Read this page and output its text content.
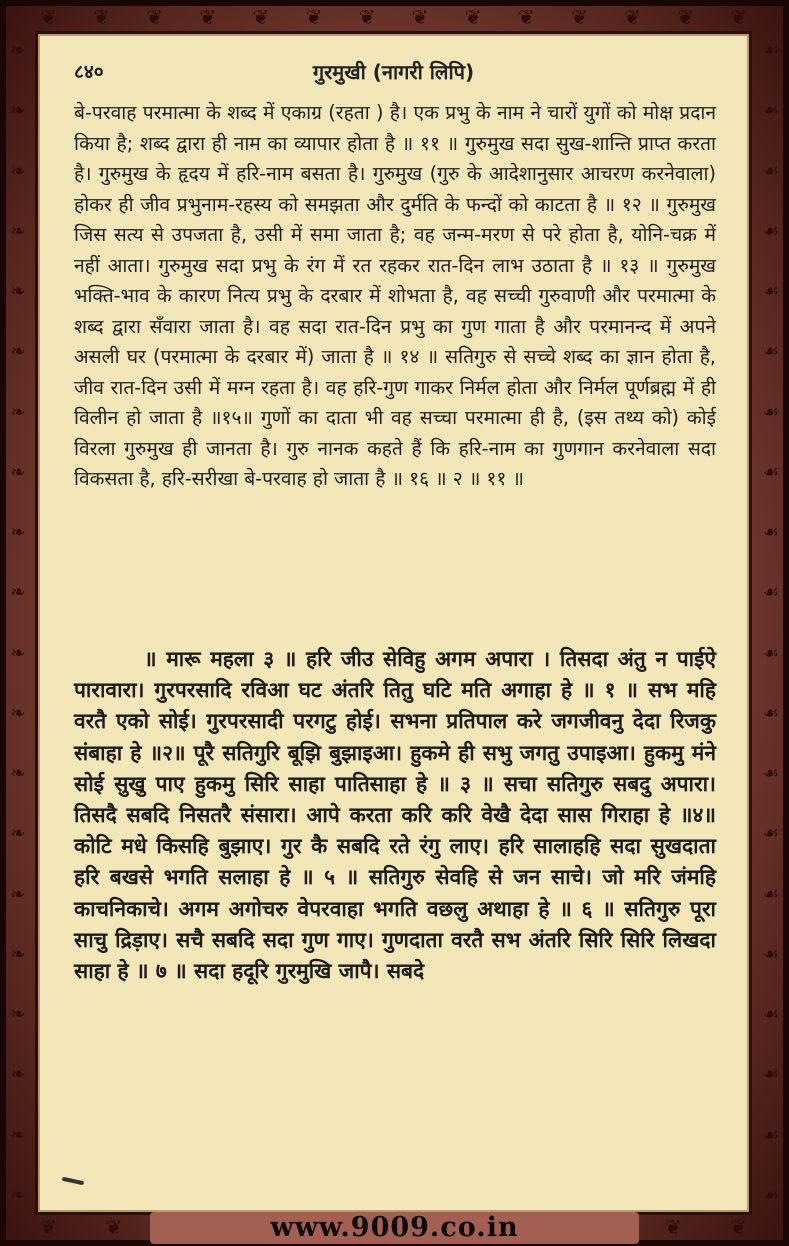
❦ ❦ ❦ ❦ ❦ ❦ ❦ ❦ ❦ ❦ ❦ ❦ ❦ ❦
❧
❧
❧
❧
❧
❧
❧
❧
❧
❧
❧
❧
❧
❧
❧
❧
❧
❧
❧
❧
☙
☙
☙
☙
☙
☙
☙
☙
☙
☙
☙
☙
☙
☙
☙
☙
☙
☙
☙
☙
८४०	गुरमुखी (नागरी लिपि)

बे-परवाह परमात्मा के शब्द में एकाग्र (रहता ) है। एक प्रभु के नाम ने चारों युगों को मोक्ष प्रदान किया है; शब्द द्वारा ही नाम का व्यापार होता है ॥ ११ ॥ गुरुमुख सदा सुख-शान्ति प्राप्त करता है। गुरुमुख के हृदय में हरि-नाम बसता है। गुरुमुख (गुरु के आदेशानुसार आचरण करनेवाला) होकर ही जीव प्रभुनाम-रहस्य को समझता और दुर्मति के फन्दों को काटता है ॥ १२ ॥ गुरुमुख जिस सत्य से उपजता है, उसी में समा जाता है; वह जन्म-मरण से परे होता है, योनि-चक्र में नहीं आता। गुरुमुख सदा प्रभु के रंग में रत रहकर रात-दिन लाभ उठाता है ॥ १३ ॥ गुरुमुख भक्ति-भाव के कारण नित्य प्रभु के दरबार में शोभता है, वह सच्ची गुरुवाणी और परमात्मा के शब्द द्वारा सँवारा जाता है। वह सदा रात-दिन प्रभु का गुण गाता है और परमानन्द में अपने असली घर (परमात्मा के दरबार में) जाता है ॥ १४ ॥ सतिगुरु से सच्चे शब्द का ज्ञान होता है, जीव रात-दिन उसी में मग्न रहता है। वह हरि-गुण गाकर निर्मल होता और निर्मल पूर्णब्रह्म में ही विलीन हो जाता है ॥१५॥ गुणों का दाता भी वह सच्चा परमात्मा ही है, (इस तथ्य को) कोई विरला गुरुमुख ही जानता है। गुरु नानक कहते हैं कि हरि-नाम का गुणगान करनेवाला सदा विकसता है, हरि-सरीखा बे-परवाह हो जाता है ॥ १६ ॥ २ ॥ ११ ॥

॥ मारू महला ३ ॥ हरि जीउ सेविहु अगम अपारा । तिसदा अंतु न पाईऐ पारावारा। गुरपरसादि रविआ घट अंतरि तितु घटि मति अगाहा हे ॥ १ ॥ सभ महि वरतै एको सोई। गुरपरसादी परगटु होई। सभना प्रतिपाल करे जगजीवनु देदा रिजकु संबाहा हे ॥२॥ पूरै सतिगुरि बूझि बुझाइआ। हुकमे ही सभु जगतु उपाइआ। हुकमु मंने सोई सुखु पाए हुकमु सिरि साहा पातिसाहा हे ॥ ३ ॥ सचा सतिगुरु सबदु अपारा। तिसदै सबदि निसतरै संसारा। आपे करता करि करि वेखै देदा सास गिराहा हे ॥४॥ कोटि मधे किसहि बुझाए। गुर कै सबदि रते रंगु लाए। हरि सालाहहि सदा सुखदाता हरि बखसे भगति सलाहा हे ॥ ५ ॥ सतिगुरु सेवहि से जन साचे। जो मरि जंमहि काचनिकाचे। अगम अगोचरु वेपरवाहा भगति वछलु अथाहा हे ॥ ६ ॥ सतिगुरु पूरा साचु द्रिड़ाए। सचै सबदि सदा गुण गाए। गुणदाता वरतै सभ अंतरि सिरि सिरि लिखदा साहा हे ॥ ७ ॥ सदा हदूरि गुरमुखि जापै। सबदे

❦ ❦	❦ ❦
www.9009.co.in
